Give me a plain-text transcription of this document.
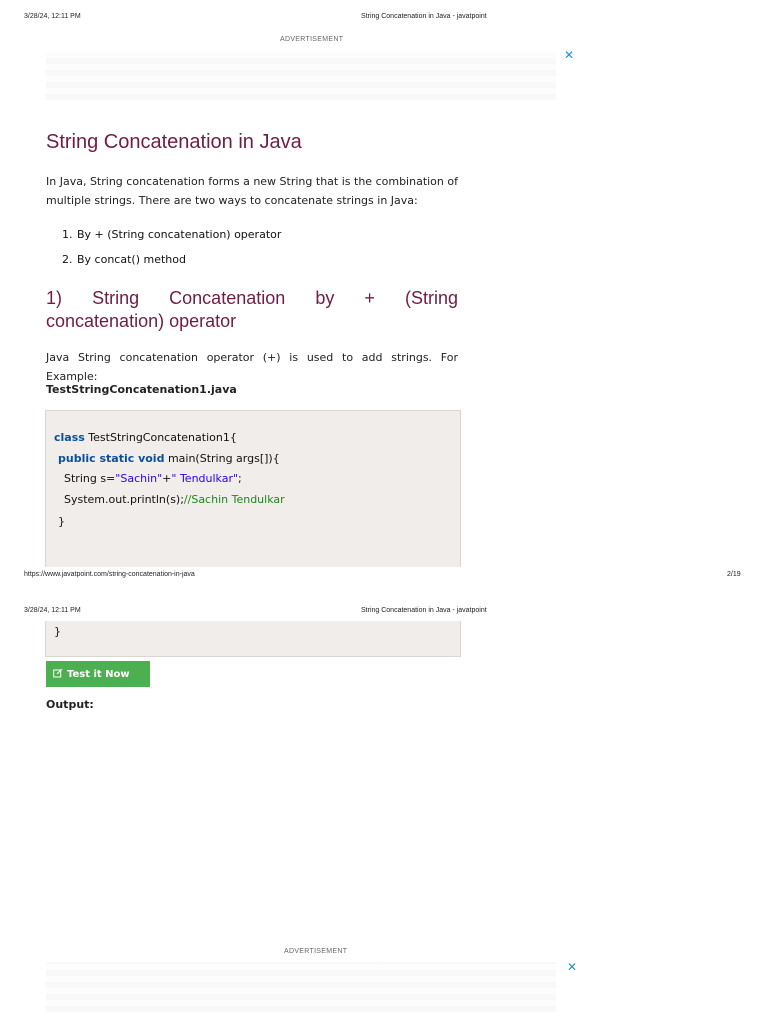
3/28/24, 12:11 PM	String Concatenation in Java - javatpoint
ADVERTISEMENT
✕
String Concatenation in Java
In Java, String concatenation forms a new String that is the combination of multiple strings. There are two ways to concatenate strings in Java:
1. By + (String concatenation) operator
2. By concat() method
1) String Concatenation by + (String
concatenation) operator
Java String concatenation operator (+) is used to add strings. For Example:
TestStringConcatenation1.java
class TestStringConcatenation1{
public static void main(String args[]){
String s="Sachin"+" Tendulkar";
System.out.println(s);//Sachin Tendulkar
}
https://www.javatpoint.com/string-concatenation-in-java	2/19
3/28/24, 12:11 PM	String Concatenation in Java - javatpoint
}
Test it Now
Output:
ADVERTISEMENT
✕
